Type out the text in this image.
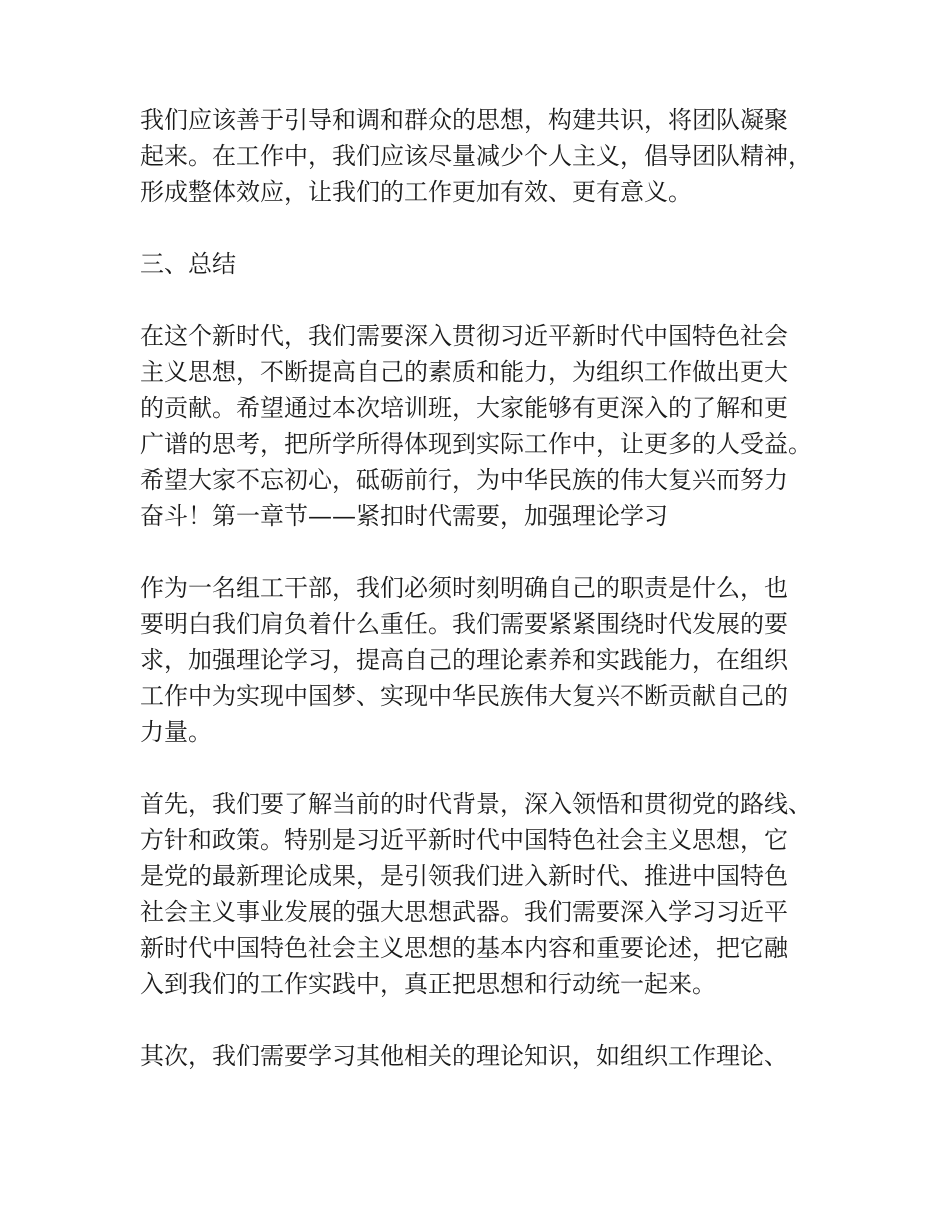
我们应该善于引导和调和群众的思想，构建共识，将团队凝聚
起来。在工作中，我们应该尽量减少个人主义，倡导团队精神，
形成整体效应，让我们的工作更加有效、更有意义。

三、总结

在这个新时代，我们需要深入贯彻习近平新时代中国特色社会
主义思想，不断提高自己的素质和能力，为组织工作做出更大
的贡献。希望通过本次培训班，大家能够有更深入的了解和更
广谱的思考，把所学所得体现到实际工作中，让更多的人受益。
希望大家不忘初心，砥砺前行，为中华民族的伟大复兴而努力
奋斗！第一章节——紧扣时代需要，加强理论学习

作为一名组工干部，我们必须时刻明确自己的职责是什么，也
要明白我们肩负着什么重任。我们需要紧紧围绕时代发展的要
求，加强理论学习，提高自己的理论素养和实践能力，在组织
工作中为实现中国梦、实现中华民族伟大复兴不断贡献自己的
力量。

首先，我们要了解当前的时代背景，深入领悟和贯彻党的路线、
方针和政策。特别是习近平新时代中国特色社会主义思想，它
是党的最新理论成果，是引领我们进入新时代、推进中国特色
社会主义事业发展的强大思想武器。我们需要深入学习习近平
新时代中国特色社会主义思想的基本内容和重要论述，把它融
入到我们的工作实践中，真正把思想和行动统一起来。

其次，我们需要学习其他相关的理论知识，如组织工作理论、
